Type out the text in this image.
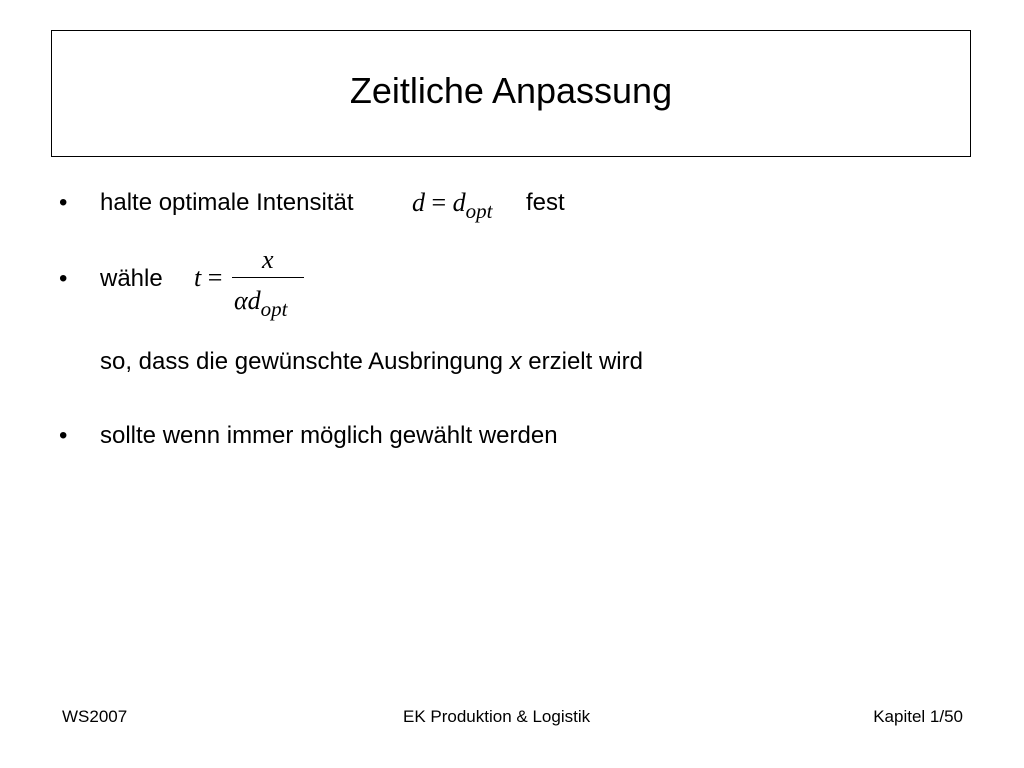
Zeitliche Anpassung
• halte optimale Intensität $d = d_{opt}$ fest
• wähle t =
x
$\alpha d_{opt}$
so, dass die gewünschte Ausbringung x erzielt wird
• sollte wenn immer möglich gewählt werden
WS2007	EK Produktion & Logistik	Kapitel 1/50
